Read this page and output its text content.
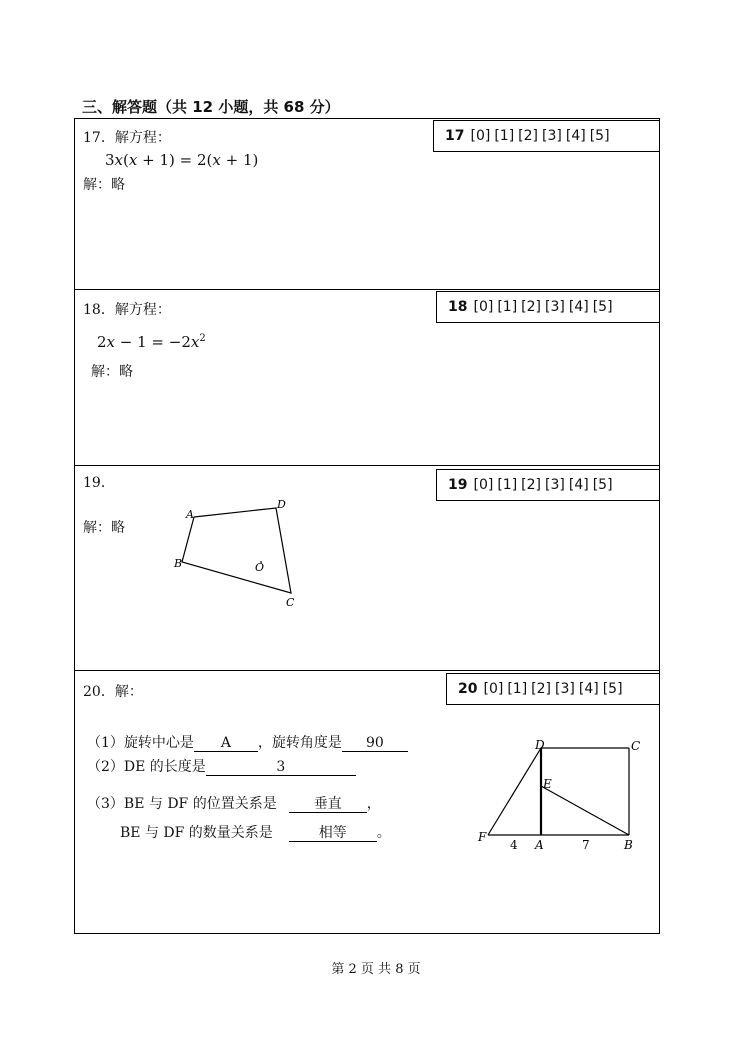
三、解答题（共 12 小题，共 68 分）
17．解方程：
3x(x + 1) = 2(x + 1)
解：略
17 [0] [1] [2] [3] [4] [5]
18．解方程：
$2x - 1 = -2x^2$
解：略
18 [0] [1] [2] [3] [4] [5]
19．
解：略
A
D
B
C
O
19 [0] [1] [2] [3] [4] [5]
20．解：
（1）旋转中心是 A ，旋转角度是 90
（2）DE 的长度是	3
（3）BE 与 DF 的位置关系是	垂直 ，
BE 与 DF 的数量关系是	相等 。
D	C
E
F
A	B
4	7
20 [0] [1] [2] [3] [4] [5]
第 2 页 共 8 页
